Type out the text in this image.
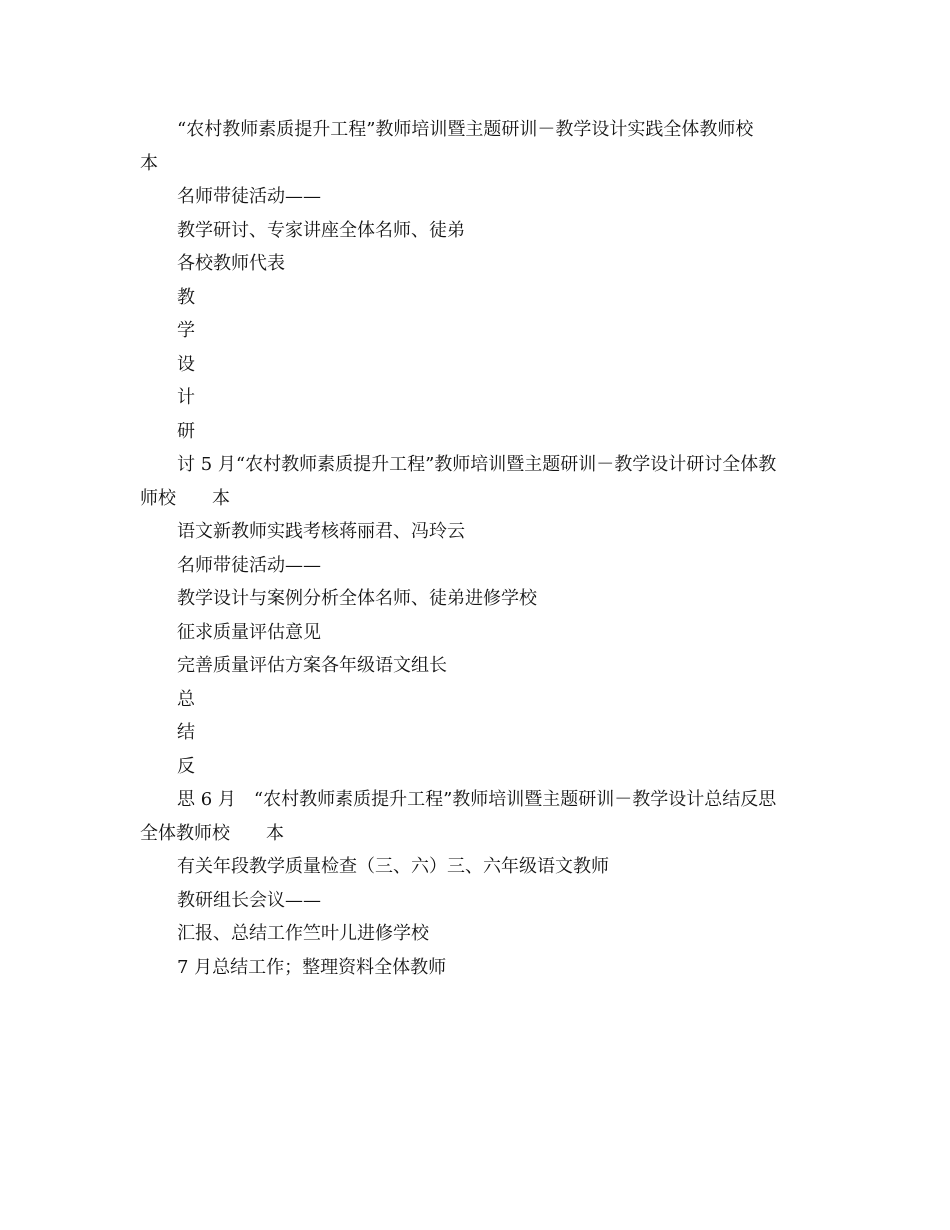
“农村教师素质提升工程”教师培训暨主题研训－教学设计实践全体教师校

本

名师带徒活动——

教学研讨、专家讲座全体名师、徒弟

各校教师代表

教

学

设

计

研

讨 5 月“农村教师素质提升工程”教师培训暨主题研训－教学设计研讨全体教

师校　　本

语文新教师实践考核蒋丽君、冯玲云

名师带徒活动——

教学设计与案例分析全体名师、徒弟进修学校

征求质量评估意见

完善质量评估方案各年级语文组长

总

结

反

思 6 月　“农村教师素质提升工程”教师培训暨主题研训－教学设计总结反思

全体教师校　　本

有关年段教学质量检查（三、六）三、六年级语文教师

教研组长会议——

汇报、总结工作竺叶儿进修学校

7 月总结工作；整理资料全体教师
